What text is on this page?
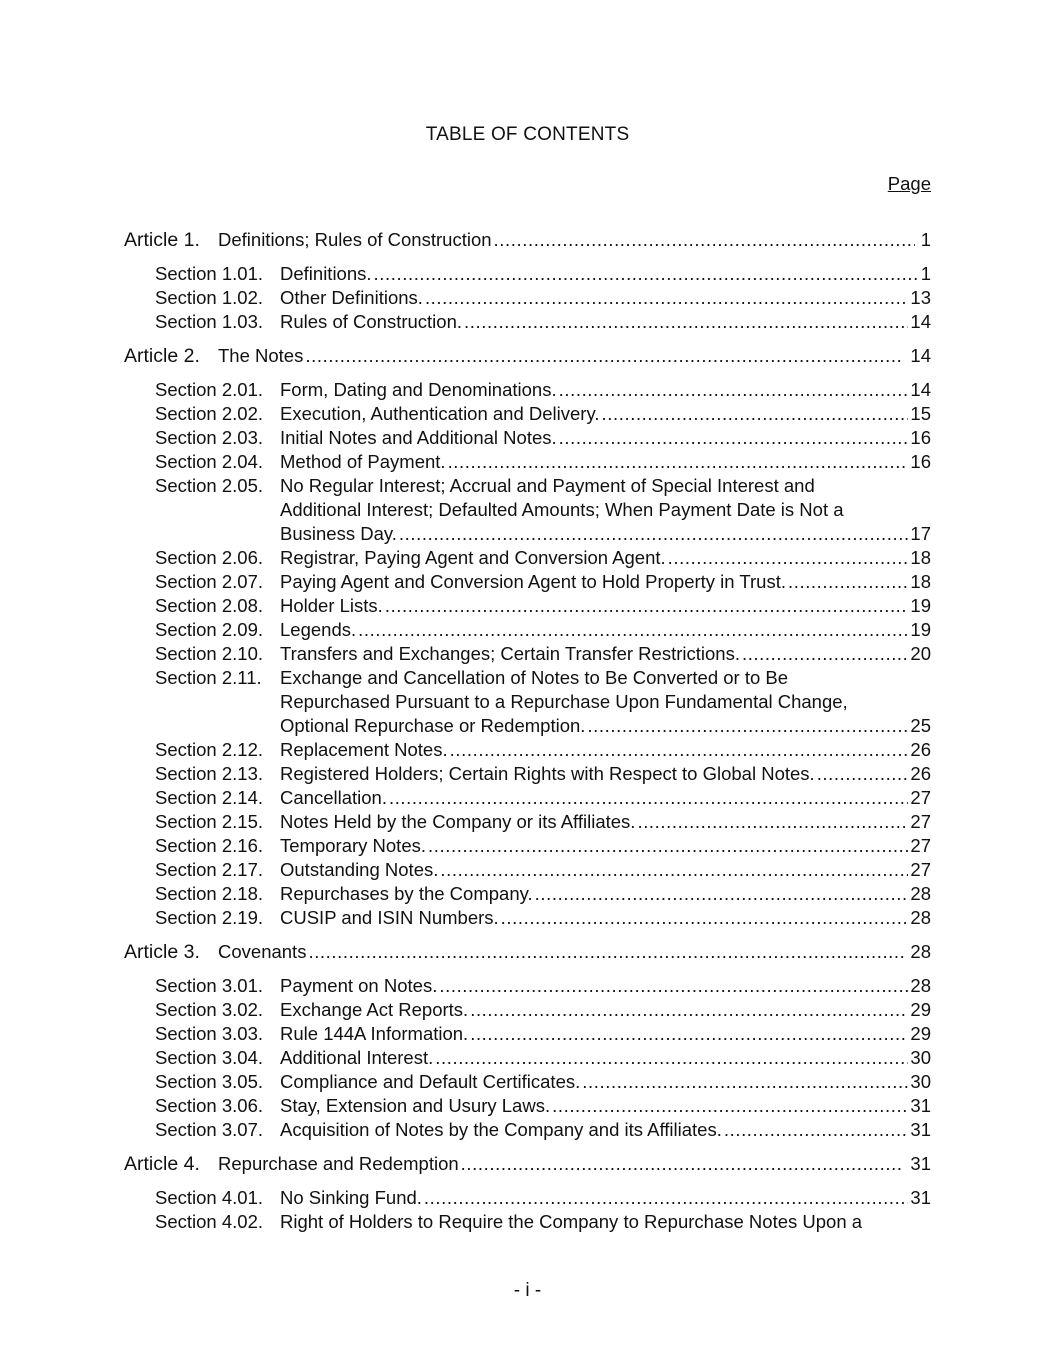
TABLE OF CONTENTS
Page
Article 1. Definitions; Rules of Construction .....	1
Section 1.01. Definitions. .....	1
Section 1.02. Other Definitions. .....	13
Section 1.03. Rules of Construction. .....	14
Article 2. The Notes .....	14
Section 2.01. Form, Dating and Denominations. .....	14
Section 2.02. Execution, Authentication and Delivery. .....	15
Section 2.03. Initial Notes and Additional Notes. .....	16
Section 2.04. Method of Payment. .....	16
Section 2.05. No Regular Interest; Accrual and Payment of Special Interest and
Additional Interest; Defaulted Amounts; When Payment Date is Not a
Business Day. .....	17
Section 2.06. Registrar, Paying Agent and Conversion Agent. .....	18
Section 2.07. Paying Agent and Conversion Agent to Hold Property in Trust. .....	18
Section 2.08. Holder Lists. .....	19
Section 2.09. Legends. .....	19
Section 2.10. Transfers and Exchanges; Certain Transfer Restrictions. .....	20
Section 2.11. Exchange and Cancellation of Notes to Be Converted or to Be
Repurchased Pursuant to a Repurchase Upon Fundamental Change,
Optional Repurchase or Redemption. .....	25
Section 2.12. Replacement Notes. .....	26
Section 2.13. Registered Holders; Certain Rights with Respect to Global Notes. .....	26
Section 2.14. Cancellation. .....	27
Section 2.15. Notes Held by the Company or its Affiliates. .....	27
Section 2.16. Temporary Notes. .....	27
Section 2.17. Outstanding Notes. .....	27
Section 2.18. Repurchases by the Company. .....	28
Section 2.19. CUSIP and ISIN Numbers. .....	28
Article 3. Covenants .....	28
Section 3.01. Payment on Notes. .....	28
Section 3.02. Exchange Act Reports. .....	29
Section 3.03. Rule 144A Information. .....	29
Section 3.04. Additional Interest. .....	30
Section 3.05. Compliance and Default Certificates. .....	30
Section 3.06. Stay, Extension and Usury Laws. .....	31
Section 3.07. Acquisition of Notes by the Company and its Affiliates. .....	31
Article 4. Repurchase and Redemption .....	31
Section 4.01. No Sinking Fund. .....	31
Section 4.02. Right of Holders to Require the Company to Repurchase Notes Upon a
- i -
